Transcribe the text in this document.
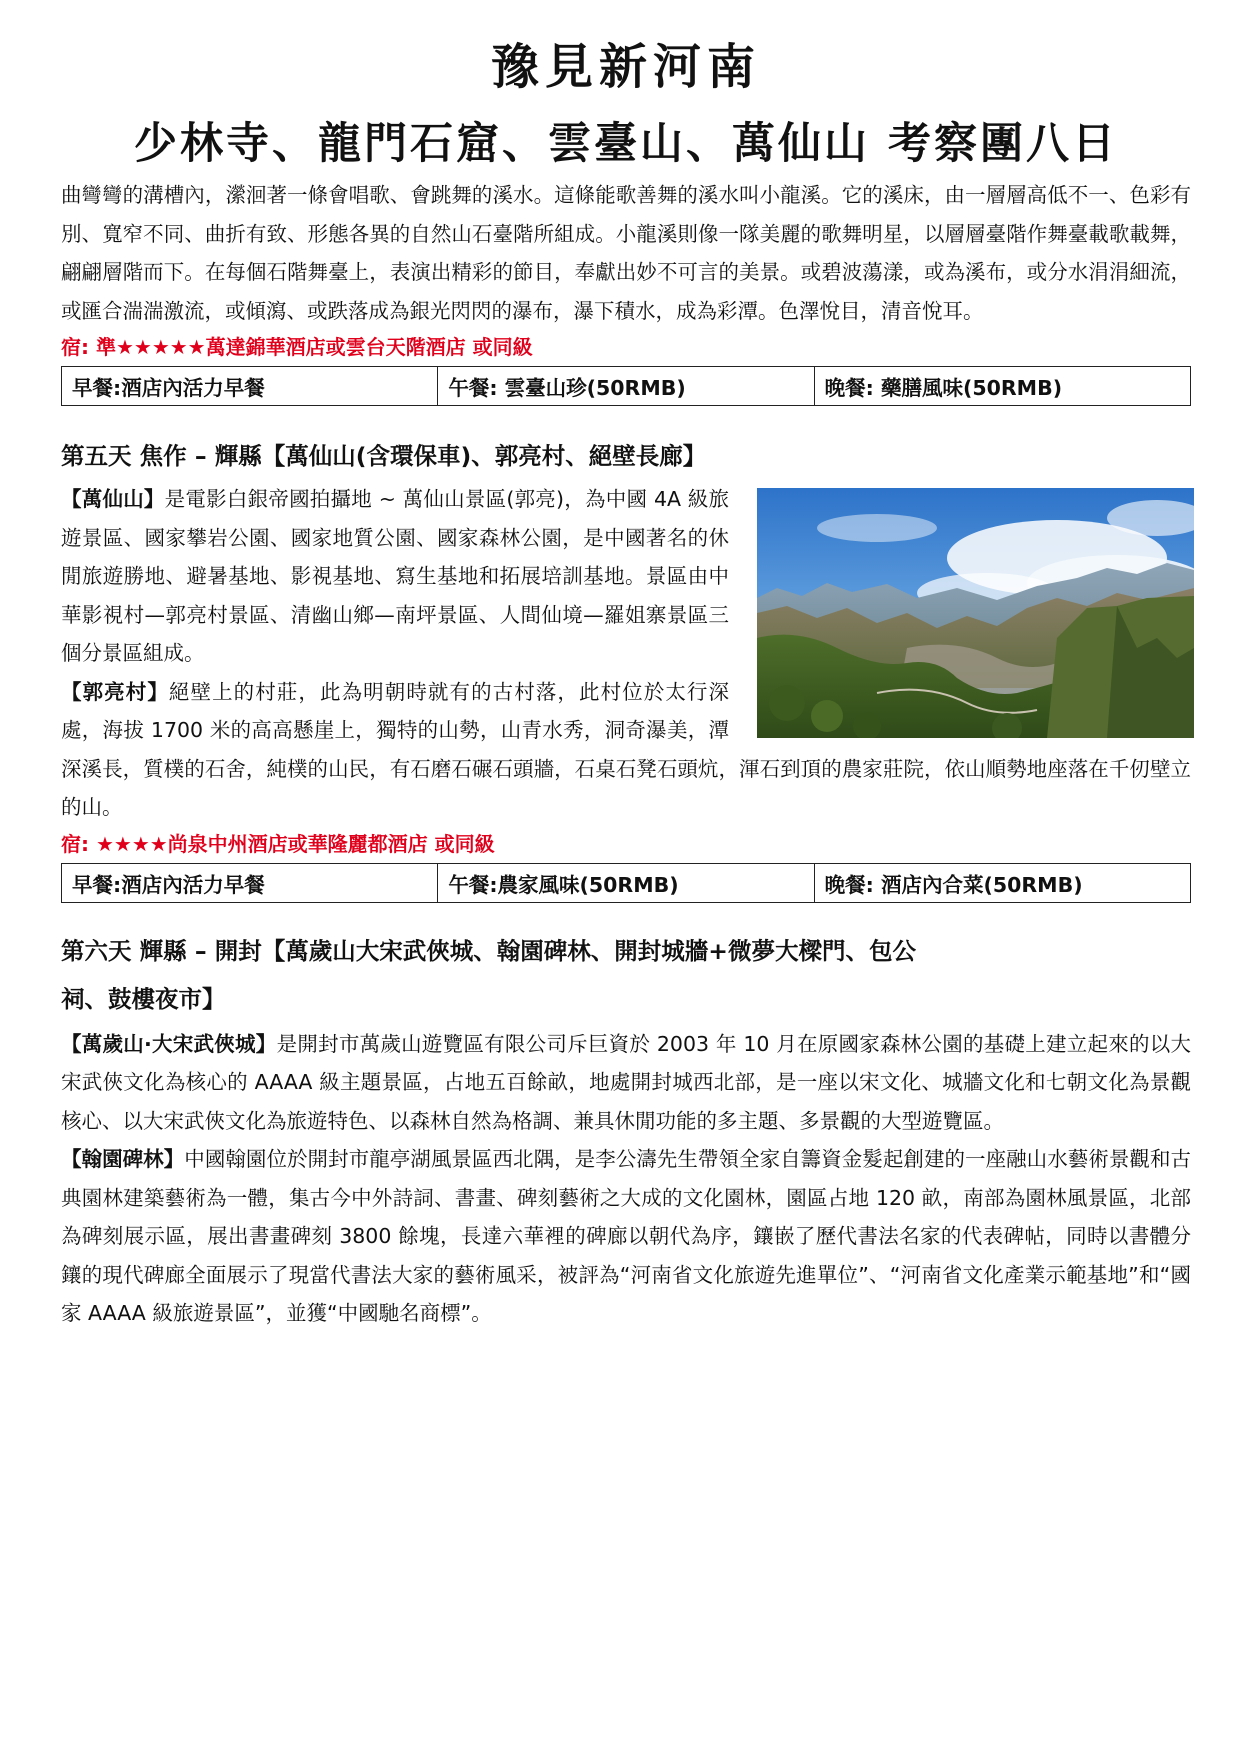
豫見新河南
少林寺、龍門石窟、雲臺山、萬仙山 考察團八日

曲彎彎的溝槽內，瀠洄著一條會唱歌、會跳舞的溪水。這條能歌善舞的溪水叫小龍溪。它的溪床，由一層層高低不一、色彩有別、寬窄不同、曲折有致、形態各異的自然山石臺階所組成。小龍溪則像一隊美麗的歌舞明星，以層層臺階作舞臺載歌載舞，翩翩層階而下。在每個石階舞臺上，表演出精彩的節目，奉獻出妙不可言的美景。或碧波蕩漾，或為溪布，或分水涓涓細流，或匯合湍湍激流，或傾瀉、或跌落成為銀光閃閃的瀑布，瀑下積水，成為彩潭。色澤悅目，清音悅耳。

宿: 準★★★★★萬達錦華酒店或雲台天階酒店 或同級

早餐:酒店內活力早餐	午餐: 雲臺山珍(50RMB)	晚餐: 藥膳風味(50RMB)

第五天 焦作 – 輝縣【萬仙山(含環保車)、郭亮村、絕壁長廊】

【萬仙山】是電影白銀帝國拍攝地 ~ 萬仙山景區(郭亮)，為中國 4A 級旅遊景區、國家攀岩公園、國家地質公園、國家森林公園，是中國著名的休閒旅遊勝地、避暑基地、影視基地、寫生基地和拓展培訓基地。景區由中華影視村—郭亮村景區、清幽山鄉—南坪景區、人間仙境—羅姐寨景區三個分景區組成。

【郭亮村】絕壁上的村莊，此為明朝時就有的古村落，此村位於太行深處，海拔 1700 米的高高懸崖上，獨特的山勢，山青水秀，洞奇瀑美，潭深溪長，質樸的石舍，純樸的山民，有石磨石碾石頭牆，石桌石凳石頭炕，渾石到頂的農家莊院，依山順勢地座落在千仞壁立的山。

宿: ★★★★尚泉中州酒店或華隆麗都酒店 或同級

早餐:酒店內活力早餐	午餐:農家風味(50RMB)	晚餐: 酒店內合菜(50RMB)

第六天 輝縣 – 開封【萬歲山大宋武俠城、翰園碑林、開封城牆+微夢大樑門、包公

祠、鼓樓夜市】

【萬歲山·大宋武俠城】是開封市萬歲山遊覽區有限公司斥巨資於 2003 年 10 月在原國家森林公園的基礎上建立起來的以大宋武俠文化為核心的 AAAA 級主題景區，占地五百餘畝，地處開封城西北部，是一座以宋文化、城牆文化和七朝文化為景觀核心、以大宋武俠文化為旅遊特色、以森林自然為格調、兼具休閒功能的多主題、多景觀的大型遊覽區。

【翰園碑林】中國翰園位於開封市龍亭湖風景區西北隅，是李公濤先生帶領全家自籌資金髮起創建的一座融山水藝術景觀和古典園林建築藝術為一體，集古今中外詩詞、書畫、碑刻藝術之大成的文化園林，園區占地 120 畝，南部為園林風景區，北部為碑刻展示區，展出書畫碑刻 3800 餘塊，長達六華裡的碑廊以朝代為序，鑲嵌了歷代書法名家的代表碑帖，同時以書體分鑲的現代碑廊全面展示了現當代書法大家的藝術風采，被評為“河南省文化旅遊先進單位”、“河南省文化產業示範基地”和“國家 AAAA 級旅遊景區”，並獲“中國馳名商標”。
